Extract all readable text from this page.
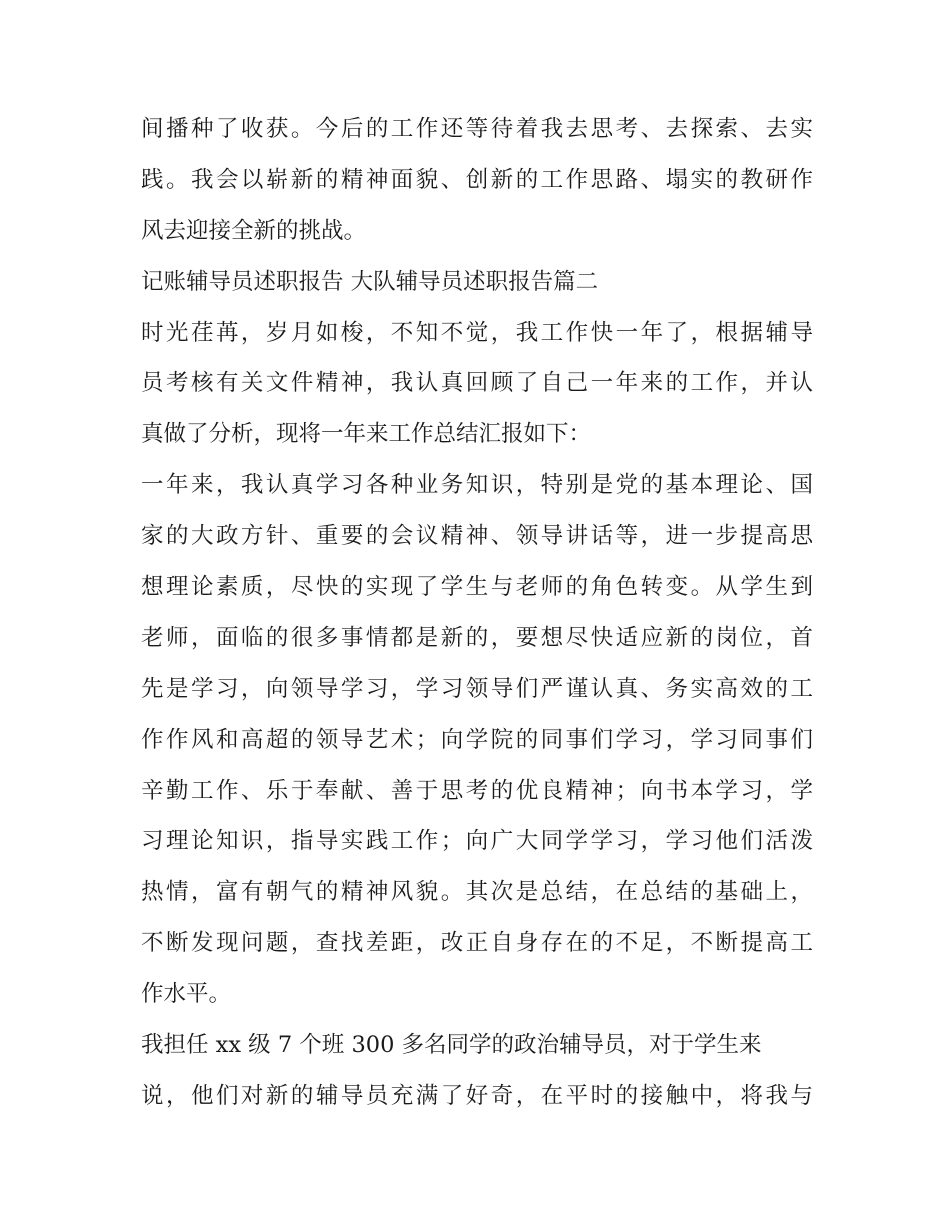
间播种了收获。今后的工作还等待着我去思考、去探索、去实
践。我会以崭新的精神面貌、创新的工作思路、塌实的教研作
风去迎接全新的挑战。
记账辅导员述职报告 大队辅导员述职报告篇二
时光荏苒，岁月如梭，不知不觉，我工作快一年了，根据辅导
员考核有关文件精神，我认真回顾了自己一年来的工作，并认
真做了分析，现将一年来工作总结汇报如下：
一年来，我认真学习各种业务知识，特别是党的基本理论、国
家的大政方针、重要的会议精神、领导讲话等，进一步提高思
想理论素质，尽快的实现了学生与老师的角色转变。从学生到
老师，面临的很多事情都是新的，要想尽快适应新的岗位，首
先是学习，向领导学习，学习领导们严谨认真、务实高效的工
作作风和高超的领导艺术；向学院的同事们学习，学习同事们
辛勤工作、乐于奉献、善于思考的优良精神；向书本学习，学
习理论知识，指导实践工作；向广大同学学习，学习他们活泼
热情，富有朝气的精神风貌。其次是总结，在总结的基础上，
不断发现问题，查找差距，改正自身存在的不足，不断提高工
作水平。
我担任 xx 级 7 个班 300 多名同学的政治辅导员，对于学生来
说，他们对新的辅导员充满了好奇，在平时的接触中，将我与
